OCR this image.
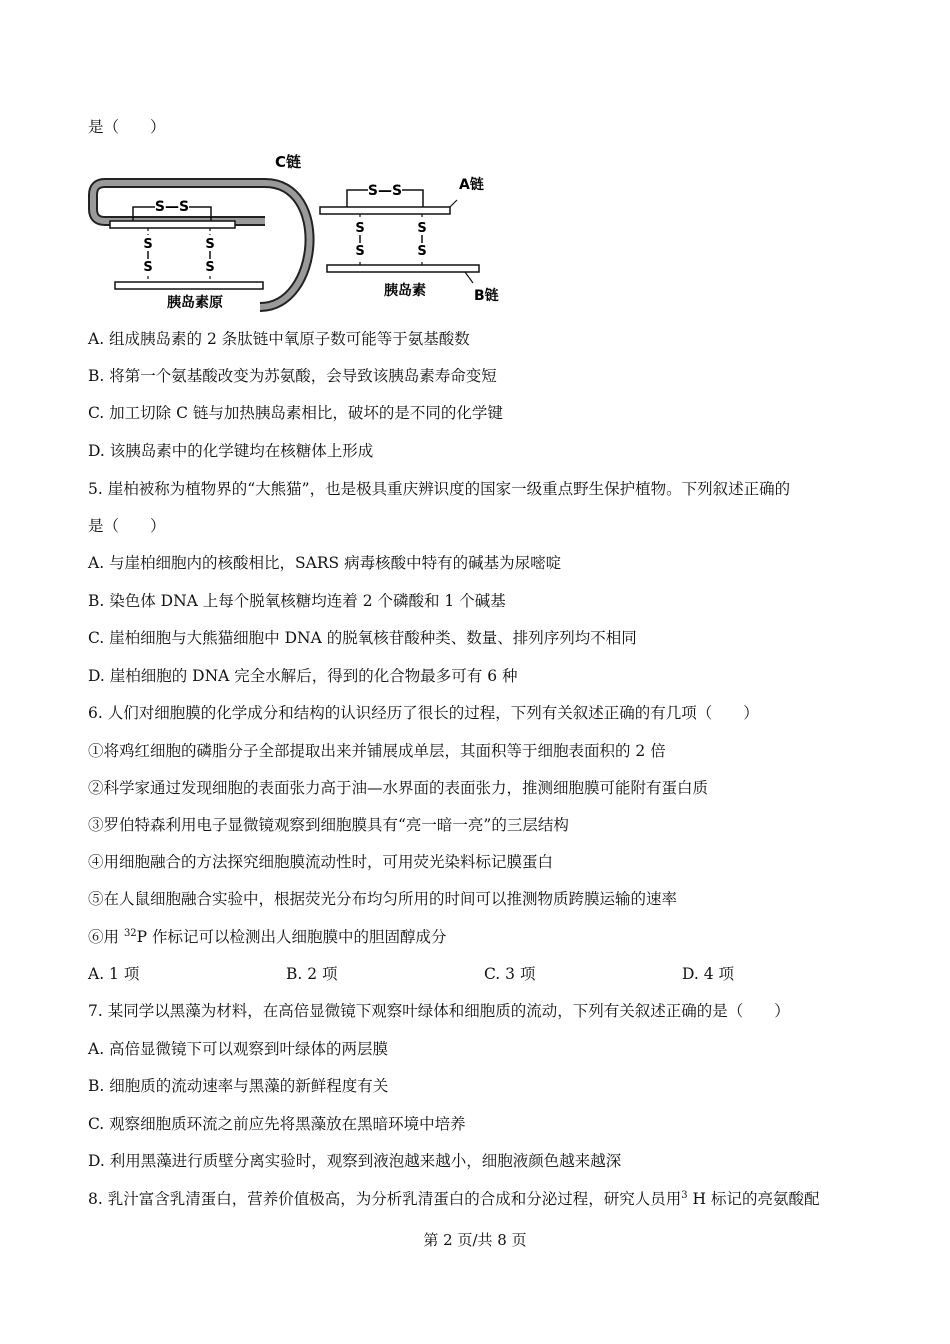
是（　　）
C链
S—S
S
S
S
S
胰岛素原
S—S	A链
S
S
S
S
胰岛素	B链
A. 组成胰岛素的 2 条肽链中氧原子数可能等于氨基酸数
B. 将第一个氨基酸改变为苏氨酸，会导致该胰岛素寿命变短
C. 加工切除 C 链与加热胰岛素相比，破坏的是不同的化学键
D. 该胰岛素中的化学键均在核糖体上形成
5. 崖柏被称为植物界的“大熊猫”，也是极具重庆辨识度的国家一级重点野生保护植物。下列叙述正确的
是（　　）
A. 与崖柏细胞内的核酸相比，SARS 病毒核酸中特有的碱基为尿嘧啶
B. 染色体 DNA 上每个脱氧核糖均连着 2 个磷酸和 1 个碱基
C. 崖柏细胞与大熊猫细胞中 DNA 的脱氧核苷酸种类、数量、排列序列均不相同
D. 崖柏细胞的 DNA 完全水解后，得到的化合物最多可有 6 种
6. 人们对细胞膜的化学成分和结构的认识经历了很长的过程，下列有关叙述正确的有几项（　　）
①将鸡红细胞的磷脂分子全部提取出来并铺展成单层，其面积等于细胞表面积的 2 倍
②科学家通过发现细胞的表面张力高于油—水界面的表面张力，推测细胞膜可能附有蛋白质
③罗伯特森利用电子显微镜观察到细胞膜具有“亮一暗一亮”的三层结构
④用细胞融合的方法探究细胞膜流动性时，可用荧光染料标记膜蛋白
⑤在人鼠细胞融合实验中，根据荧光分布均匀所用的时间可以推测物质跨膜运输的速率
⑥用 $^{32}$P 作标记可以检测出人细胞膜中的胆固醇成分
A. 1 项	B. 2 项	C. 3 项	D. 4 项
7. 某同学以黑藻为材料，在高倍显微镜下观察叶绿体和细胞质的流动，下列有关叙述正确的是（　　）
A. 高倍显微镜下可以观察到叶绿体的两层膜
B. 细胞质的流动速率与黑藻的新鲜程度有关
C. 观察细胞质环流之前应先将黑藻放在黑暗环境中培养
D. 利用黑藻进行质壁分离实验时，观察到液泡越来越小，细胞液颜色越来越深
8. 乳汁富含乳清蛋白，营养价值极高，为分析乳清蛋白的合成和分泌过程，研究人员用$^3$ H 标记的亮氨酸配
第 2 页/共 8 页
